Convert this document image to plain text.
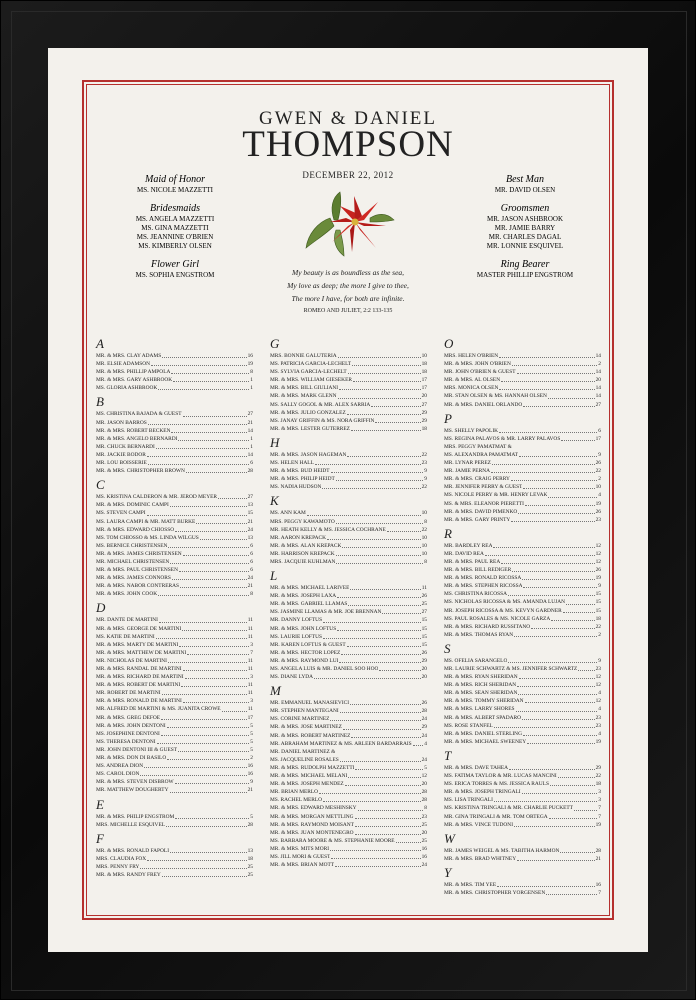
GWEN & DANIEL
THOMPSON
DECEMBER 22, 2012
My beauty is as boundless as the sea,
My love as deep; the more I give to thee,
The more I have, for both are infinite.
ROMEO AND JULIET, 2:2 133-135
Maid of Honor
MS. NICOLE MAZZETTI
Bridesmaids
MS. ANGELA MAZZETTI
MS. GINA MAZZETTI
MS. JEANNINE O'BRIEN
MS. KIMBERLY OLSEN
Flower Girl
MS. SOPHIA ENGSTROM
Best Man
MR. DAVID OLSEN
Groomsmen
MR. JASON ASHBROOK
MR. JAMIE BARRY
MR. CHARLES DAGAL
MR. LONNIE ESQUIVEL
Ring Bearer
MASTER PHILLIP ENGSTROM
A
MR. & MRS. CLAY ADAMS	16
MR. ELSIE ADAMSON	19
MR. & MRS. PHILLIP AMPOLA	8
MR. & MRS. GARY ASHBROOK	1
MS. GLORIA ASHBROOK	1
B
MS. CHRISTINA BAJADA & GUEST	27
MR. JASON BARROS	21
MR. & MRS. ROBERT BECKEN	14
MR. & MRS. ANGELO BERNARDI	1
MR. CHUCK BERNARDI	1
MR. JACKIE BODOR	14
MR. LOU BOISSERIE	6
MR. & MRS. CHRISTOPHER BROWN	28
C
MS. KRISTINA CALDERON & MR. JEROD MEYER	27
MR. & MRS. DOMINIC CAMPI	13
MS. STEVEN CAMPI	15
MS. LAURA CAMPI & MR. MATT BURKE	21
MR. & MRS. EDWARD CHIOSSO	24
MS. TOM CHIOSSO & MS. LINDA WILGUS	13
MS. BERNICE CHRISTENSEN	6
MR. & MRS. JAMES CHRISTENSEN	6
MR. MICHAEL CHRISTENSEN	6
MR. & MRS. PAUL CHRISTENSEN	6
MR. & MRS. JAMES CONNORS	24
MR. & MRS. NABOR CONTRERAS	21
MR. & MRS. JOHN COOK	8
D
MR. DANTE DE MARTINI	11
MR. & MRS. GEORGE DE MARTINI	11
MS. KATIE DE MARTINI	11
MR. & MRS. MARTY DE MARTINI	3
MR. & MRS. MATTHEW DE MARTINI	7
MR. NICHOLAS DE MARTINI	11
MR. & MRS. RANDAL DE MARTINI	11
MR. & MRS. RICHARD DE MARTINI	3
MR. & MRS. ROBERT DE MARTINI	11
MR. ROBERT DE MARTINI	11
MR. & MRS. RONALD DE MARTINI	3
MR. ALFRED DE MARTINI & MS. JUANITA CROWE	11
MR. & MRS. GREG DEFOE	17
MR. & MRS. JOHN DENTONI	5
MS. JOSEPHINE DENTONI	5
MS. THERESA DENTONI	5
MR. JOHN DENTONI III & GUEST	5
MR. & MRS. DON DI BASILO	2
MS. ANDREA DION	16
MS. CAROL DION	16
MR. & MRS. STEVEN DISBROW	9
MR. MATTHEW DOUGHERTY	21
E
MR. & MRS. PHILIP ENGSTROM	5
MRS. MICHELLE ESQUIVEL	28
F
MR. & MRS. RONALD FAPOLI	13
MRS. CLAUDIA FOX	18
MRS. PENNY FRY	25
MR. & MRS. RANDY FREY	25
G
MRS. BONNIE GALUTERIA	10
MS. PATRICIA GARCIA-LECHELT	18
MS. SYLVIA GARCIA-LECHELT	18
MR. & MRS. WILLIAM GIESEKER	17
MR. & MRS. BILL GIULIANI	17
MR. & MRS. MARK GLENN	20
MS. SALLY GOGOL & MR. ALEX SARRIA	27
MR. & MRS. JULIO GONZALEZ	29
MS. JANAY GRIFFIN & MS. NORA GRIFFIN	29
MR. & MRS. LESTER GUTERREZ	18
H
MR. & MRS. JASON HAGEMAN	22
MS. HELEN HALL	23
MR. & MRS. BUD HEIDT	9
MR. & MRS. PHILIP HEIDT	9
MS. NADIA HUDSON	22
K
MS. ANN KAM	10
MRS. PEGGY KAWAMOTO	8
MR. HEATH KELLY & MS. JESSICA COCHRANE	22
MR. AARON KREPACK	10
MR. & MRS. ALAN KREPACK	10
MR. HARRISON KREPACK	10
MRS. JACQUIE KUHLMAN	8
L
MR. & MRS. MICHAEL LARIVEE	11
MR. & MRS. JOSEPH LAXA	26
MR. & MRS. GABRIEL LLAMAS	25
MS. JASMINE LLAMAS & MR. JOE BRENNAN	27
MR. DANNY LOFTUS	15
MR. & MRS. JOHN LOFTUS	15
MS. LAURIE LOFTUS	15
MR. KAREN LOFTUS & GUEST	15
MR. & MRS. HECTOR LOPEZ	26
MR. & MRS. RAYMOND LUI	29
MS. ANGELA LUIS & MR. DANIEL SOO HOO	20
MS. DIANE LYDA	20
M
MR. EMMANUEL MANASIEVICI	26
MR. STEPHEN MANTEGANI	28
MS. CORINE MARTINEZ	24
MR. & MRS. JOSE MARTINEZ	29
MR. & MRS. ROBERT MARTINEZ	24
MR. ABRAHAM MARTINEZ & MS. ARLEEN BARDARRAIS 4
MR. DANIEL MARTINEZ &
MS. JACQUELINE ROSALES	24
MR. & MRS. RUDOLPH MAZZETTI	5
MR. & MRS. MICHAEL MELANI	12
MR. & MRS. JOSEPH MENDEZ	20
MR. BRIAN MERLO	28
MS. RACHEL MERLO	28
MR. & MRS. EDWARD MESHINSKY	8
MR. & MRS. MORGAN METTLING	23
MR. & MRS. RAYMOND MOISANT	25
MR. & MRS. JUAN MONTENEGRO	20
MS. BARBARA MOORE & MS. STEPHANIE MOORE	25
MR. & MRS. MITS MORI	16
MS. JILL MORI & GUEST	16
MR. & MRS. BRIAN MOTT	24
O
MRS. HELEN O'BRIEN	14
MR. & MRS. JOHN O'BRIEN	2
MR. JOHN O'BRIEN & GUEST	14
MR. & MRS. AL OLSEN	20
MRS. MONICA OLSEN	14
MR. STAN OLSEN & MS. HANNAH OLSEN	14
MR. & MRS. DANIEL ORLANDO	27
P
MS. SHELLY PAPOLIK	6
MS. REGINA PALAVOS & MR. LARRY PALAVOS	17
MRS. PEGGY PAMATMAT &
MS. ALEXANDRA PAMATMAT	9
MR. LYNAR PEREZ	26
MR. JAMIE PERNA	22
MR. & MRS. CRAIG PERRY	2
MR. JENNIFER PERRY & GUEST	10
MS. NICOLE PERRY & MR. HENRY LEVAK	4
MS. & MRS. ELEANOR PIERETTI	19
MR. & MRS. DAVID PIMENKO	26
MR. & MRS. GARY PRINTY	23
R
MR. BARDLEY REA	12
MR. DAVID REA	12
MR. & MRS. PAUL REA	12
MR. & MRS. BILL REDIGER	26
MR. & MRS. RONALD RICOSSA	19
MR. & MRS. STEPHEN RICOSSA	9
MS. CHRISTINA RICOSSA	15
MS. NICHOLAS RICOSSA & MS. AMANDA LUJAN	15
MR. JOSEPH RICOSSA & MS. KEVYN GARDNER	15
MS. PAUL ROSALES & MS. NICOLE GARZA	18
MR. & MRS. RICHARD RUSSITANO	22
MR. & MRS. THOMAS RYAN	2
S
MS. OFELIA SARANGELO	9
MR. LAURIE SCHWARTZ & MS. JENNIFER SCHWARTZ	23
MR. & MRS. RYAN SHERIDAN	12
MR. & MRS. RICH SHERIDAN	12
MR. & MRS. SEAN SHERIDAN	4
MR. & MRS. TOMMY SHERIDAN	12
MR. & MRS. LARRY SHORES	4
MR. & MRS. ALBERT SPADARO	23
MS. ROSE STANFEL	23
MR. & MRS. DANIEL STERLING	4
MR. & MRS. MICHAEL SWEENEY	19
T
MR. & MRS. DAVE TAHEA	29
MS. FATIMA TAYLOR & MR. LUCAS MANCINI	22
MS. ERICA TORRES & MS. JESSICA RAULS	18
MR. & MRS. JOSEPH TRINGALI	3
MS. LISA TRINGALI	3
MS. KRISTINA TRINGALI & MR. CHARLIE PUCKETT	7
MR. GINA TRINGALI & MR. TOM ORTEGA	7
MR. & MRS. VINCE TUDONI	19
W
MR. JAMES WEIGEL & MS. TABITHA HARMON	28
MR. & MRS. BRAD WHITNEY	21
Y
MR. & MRS. TIM YEE	16
MR. & MRS. CHRISTOPHER YORGENSEN	7
